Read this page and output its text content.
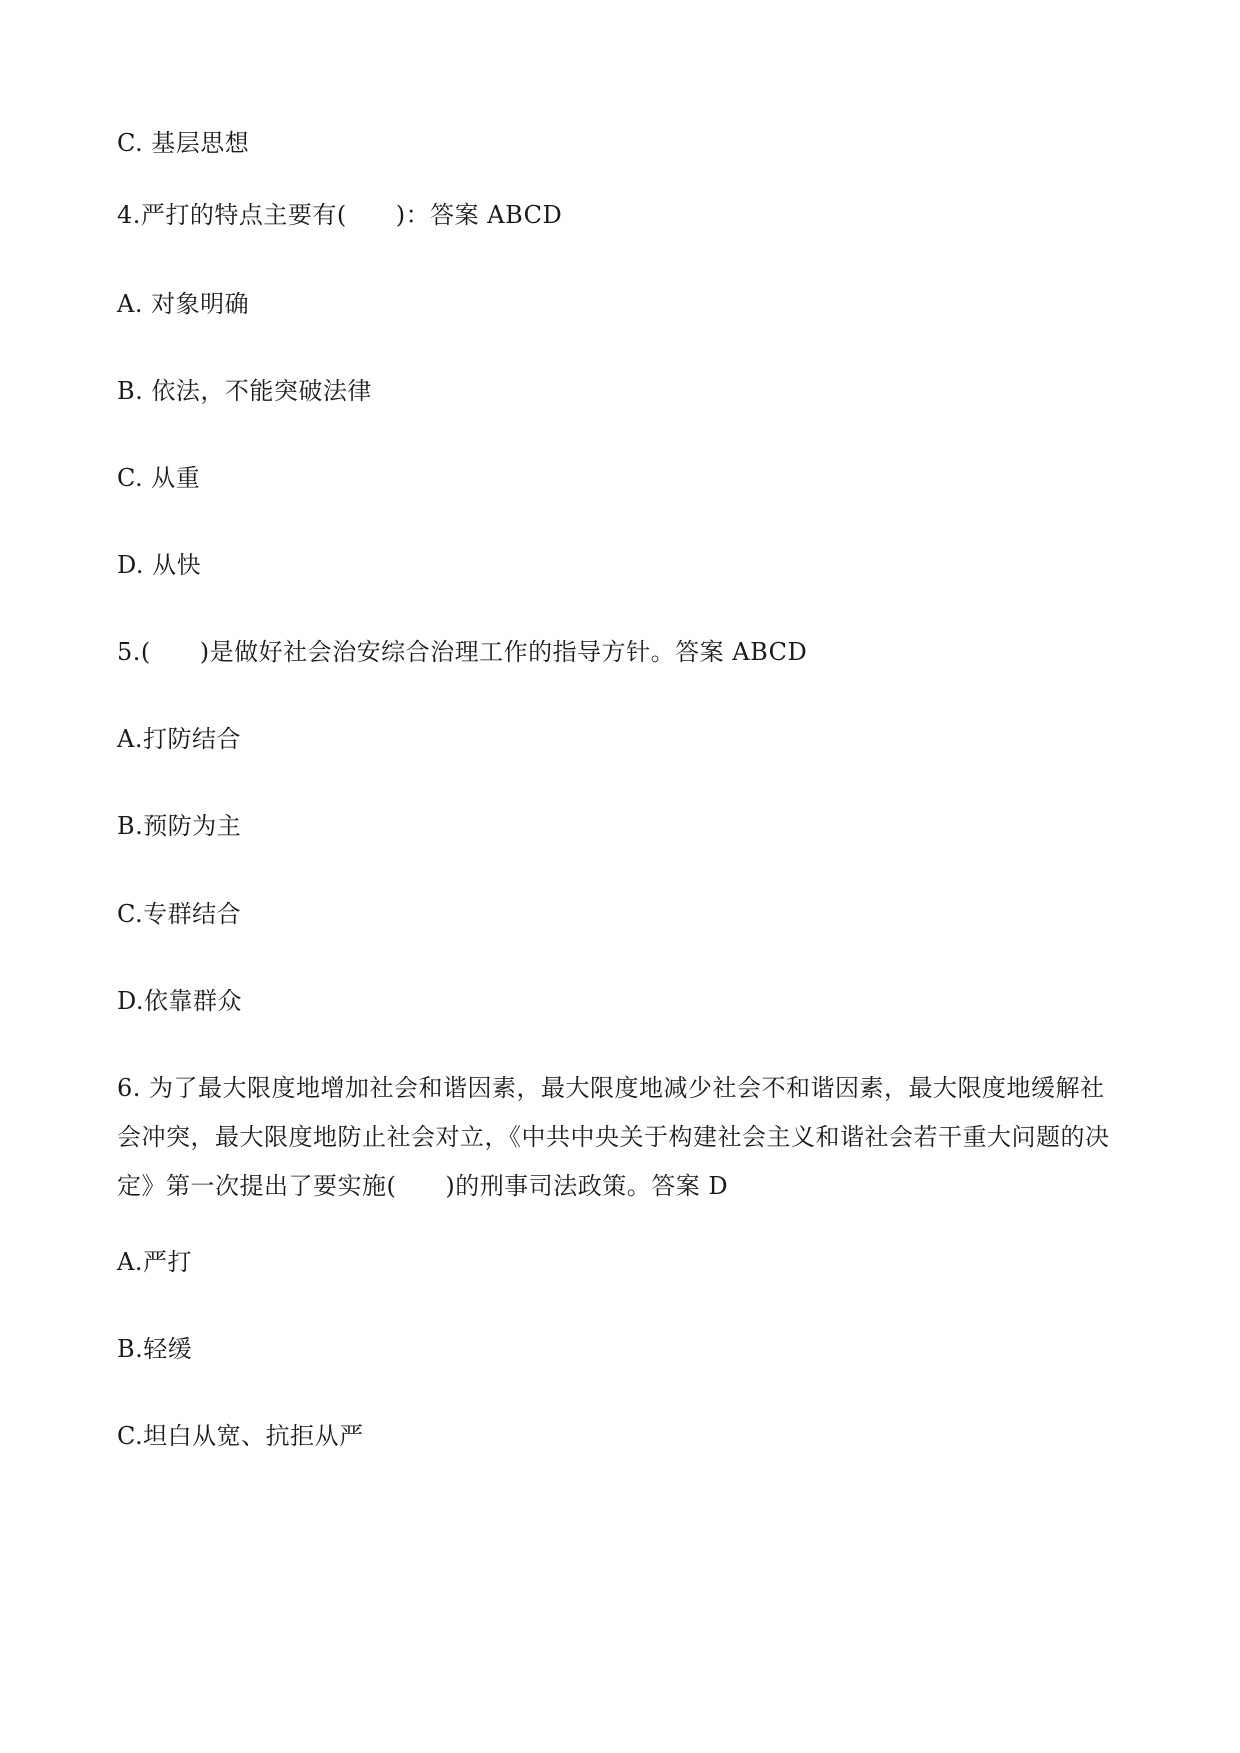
C. 基层思想
4.严打的特点主要有(　　)：答案 ABCD
A. 对象明确
B. 依法，不能突破法律
C. 从重
D. 从快
5.(　　)是做好社会治安综合治理工作的指导方针。答案 ABCD
A.打防结合
B.预防为主
C.专群结合
D.依靠群众
6. 为了最大限度地增加社会和谐因素，最大限度地减少社会不和谐因素，最大限度地缓解社
会冲突，最大限度地防止社会对立，《中共中央关于构建社会主义和谐社会若干重大问题的决
定》第一次提出了要实施(　　)的刑事司法政策。答案 D
A.严打
B.轻缓
C.坦白从宽、抗拒从严
